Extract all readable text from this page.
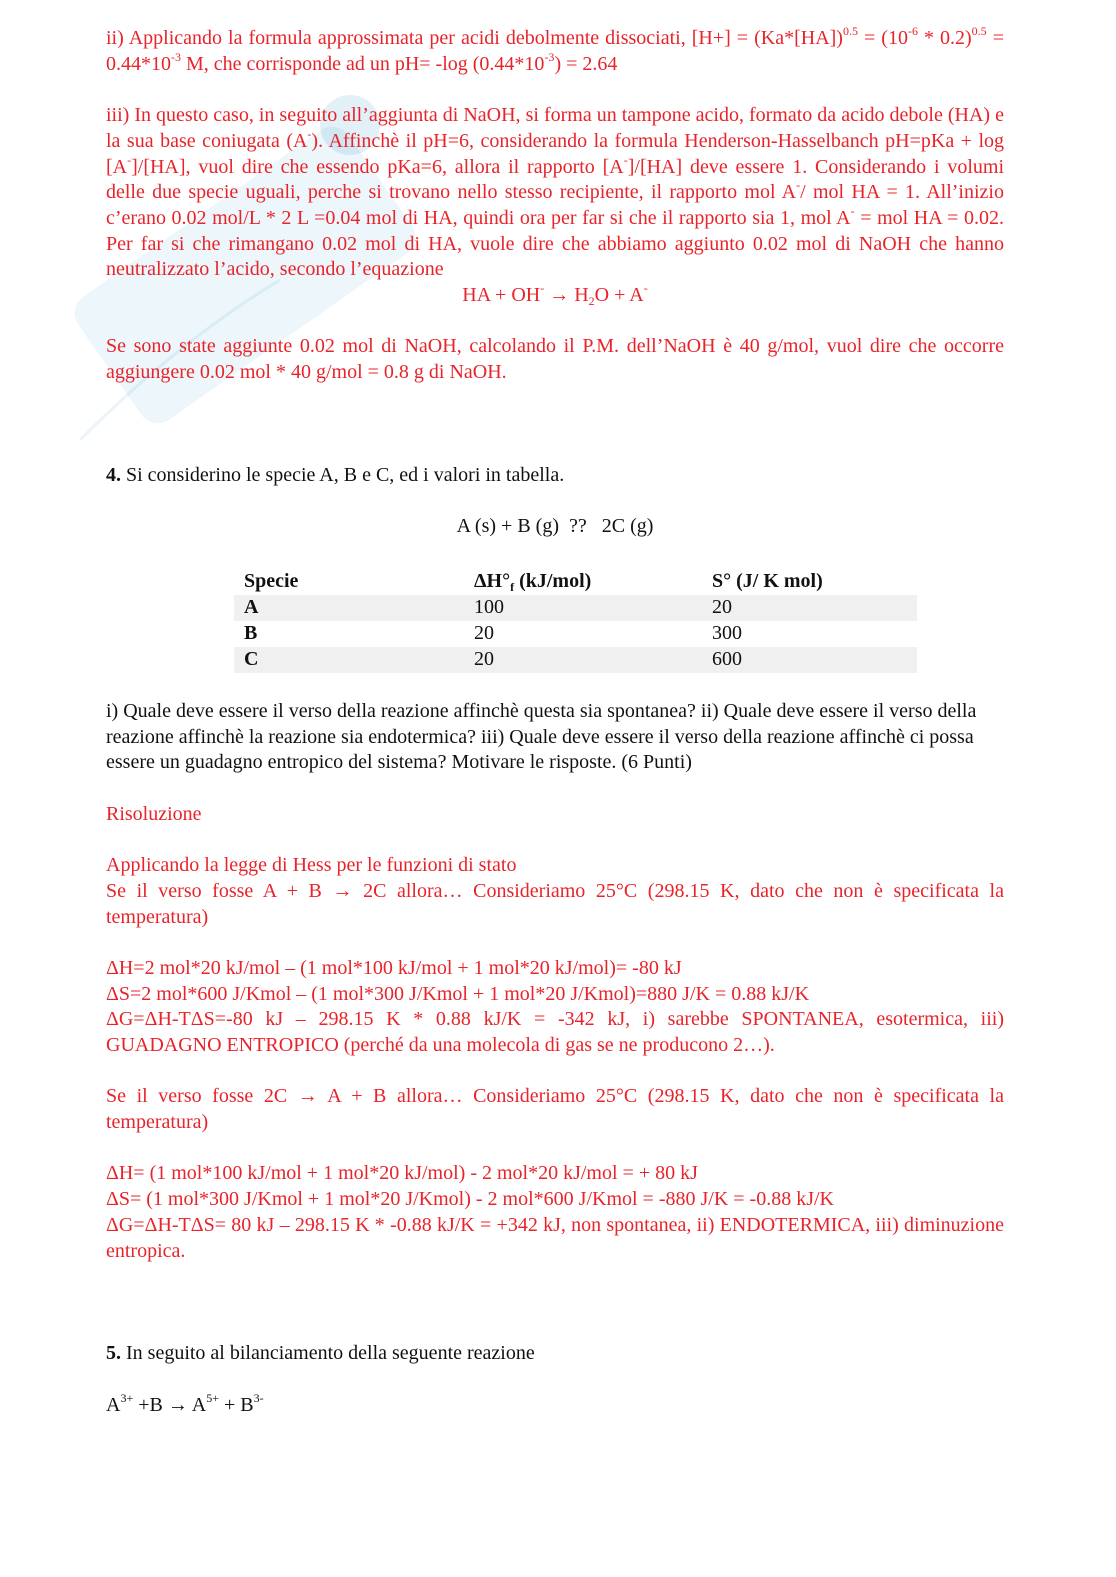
ii) Applicando la formula approssimata per acidi debolmente dissociati, $[H+] = (Ka*[HA])^{0.5} = (10^{-6} * 0.2)^{0.5} = 0.44*10^{-3}$ M, che corrisponde ad un pH= -log $(0.44*10^{-3}) = 2.64$

iii) In questo caso, in seguito all’aggiunta di NaOH, si forma un tampone acido, formato da acido debole (HA) e la sua base coniugata (A-). Affinchè il pH=6, considerando la formula Henderson-Hasselbanch pH=pKa + log [A-]/[HA], vuol dire che essendo pKa=6, allora il rapporto [A-]/[HA] deve essere 1. Considerando i volumi delle due specie uguali, perche si trovano nello stesso recipiente, il rapporto mol A-/ mol HA = 1. All’inizio c’erano 0.02 mol/L * 2 L =0.04 mol di HA, quindi ora per far si che il rapporto sia 1, mol A- = mol HA = 0.02. Per far si che rimangano 0.02 mol di HA, vuole dire che abbiamo aggiunto 0.02 mol di NaOH che hanno neutralizzato l’acido, secondo l’equazione

HA + $OH^- \to H_2O + A^-$

Se sono state aggiunte 0.02 mol di NaOH, calcolando il P.M. dell’NaOH è 40 g/mol, vuol dire che occorre aggiungere 0.02 mol * 40 g/mol = 0.8 g di NaOH.

4. Si considerino le specie A, B e C, ed i valori in tabella.

A (s) + B (g)  ??   2C (g)

Specie	$\Delta H^\circ_f$ (kJ/mol)	S° (J/ K mol)
A	100	20
B	20	300
C	20	600

i) Quale deve essere il verso della reazione affinchè questa sia spontanea? ii) Quale deve essere il verso della reazione affinchè la reazione sia endotermica? iii) Quale deve essere il verso della reazione affinchè ci possa essere un guadagno entropico del sistema? Motivare le risposte. (6 Punti)

Risoluzione

Applicando la legge di Hess per le funzioni di stato

Se il verso fosse A + B → 2C allora… Consideriamo 25°C (298.15 K, dato che non è specificata la temperatura)

ΔH=2 mol*20 kJ/mol – (1 mol*100 kJ/mol + 1 mol*20 kJ/mol)= -80 kJ

ΔS=2 mol*600 J/Kmol – (1 mol*300 J/Kmol + 1 mol*20 J/Kmol)=880 J/K = 0.88 kJ/K

ΔG=ΔH-TΔS=-80 kJ – 298.15 K * 0.88 kJ/K = -342 kJ, i) sarebbe SPONTANEA, esotermica, iii) GUADAGNO ENTROPICO (perché da una molecola di gas se ne producono 2…).

Se il verso fosse 2C → A + B allora… Consideriamo 25°C (298.15 K, dato che non è specificata la temperatura)

ΔH= (1 mol*100 kJ/mol + 1 mol*20 kJ/mol) - 2 mol*20 kJ/mol = + 80 kJ

ΔS= (1 mol*300 J/Kmol + 1 mol*20 J/Kmol) - 2 mol*600 J/Kmol = -880 J/K = -0.88 kJ/K

ΔG=ΔH-TΔS= 80 kJ – 298.15 K * -0.88 kJ/K = +342 kJ, non spontanea, ii) ENDOTERMICA, iii) diminuzione entropica.

5. In seguito al bilanciamento della seguente reazione

$A^{3+} +B \to A^{5+} + B^{3-}$
